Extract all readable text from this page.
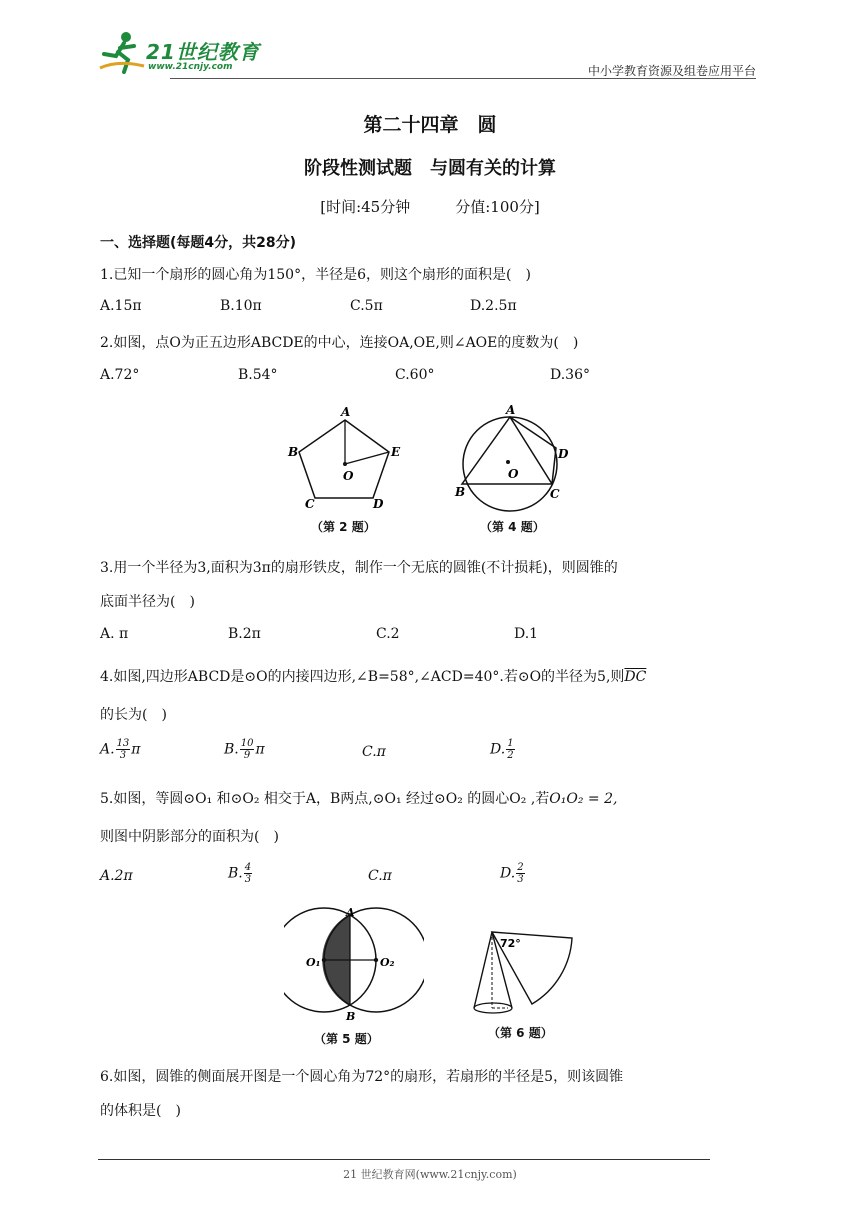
21世纪教育
www.21cnjy.com	中小学教育资源及组卷应用平台
第二十四章　圆
阶段性测试题　与圆有关的计算
[时间:45分钟　　　分值:100分]
一、选择题(每题4分，共28分)
1.已知一个扇形的圆心角为150°，半径是6，则这个扇形的面积是(　)
A.15π	B.10π	C.5π	D.2.5π
2.如图，点O为正五边形ABCDE的中心，连接OA,OE,则∠AOE的度数为(　)
A.72°	B.54°	C.60°	D.36°
A
E
B
C	D
O
（第 2 题）
A
D
C
B
O
（第 4 题）
3.用一个半径为3,面积为3π的扇形铁皮，制作一个无底的圆锥(不计损耗)，则圆锥的
底面半径为(　)
A. π	B.2π	C.2	D.1
4.如图,四边形ABCD是⊙O的内接四边形,∠B=58°,∠ACD=40°.若⊙O的半径为5,则$\overline{DC}$
的长为(　)
A. $\frac{13}{3}$ π	B. $\frac{10}{9}$ π	C.π	D. $\frac{1}{2}$
5.如图，等圆⊙O₁ 和⊙O₂ 相交于A，B两点,⊙O₁ 经过⊙O₂ 的圆心O₂ ,若O₁O₂ = 2,
则图中阴影部分的面积为(　)
A.2π	B. $\frac{4}{3}$	C.π	D. $\frac{2}{3}$
A
B
O₁	O₂
（第 5 题）
72°
（第 6 题）
6.如图，圆锥的侧面展开图是一个圆心角为72°的扇形，若扇形的半径是5，则该圆锥
的体积是(　)
21 世纪教育网(www.21cnjy.com)
